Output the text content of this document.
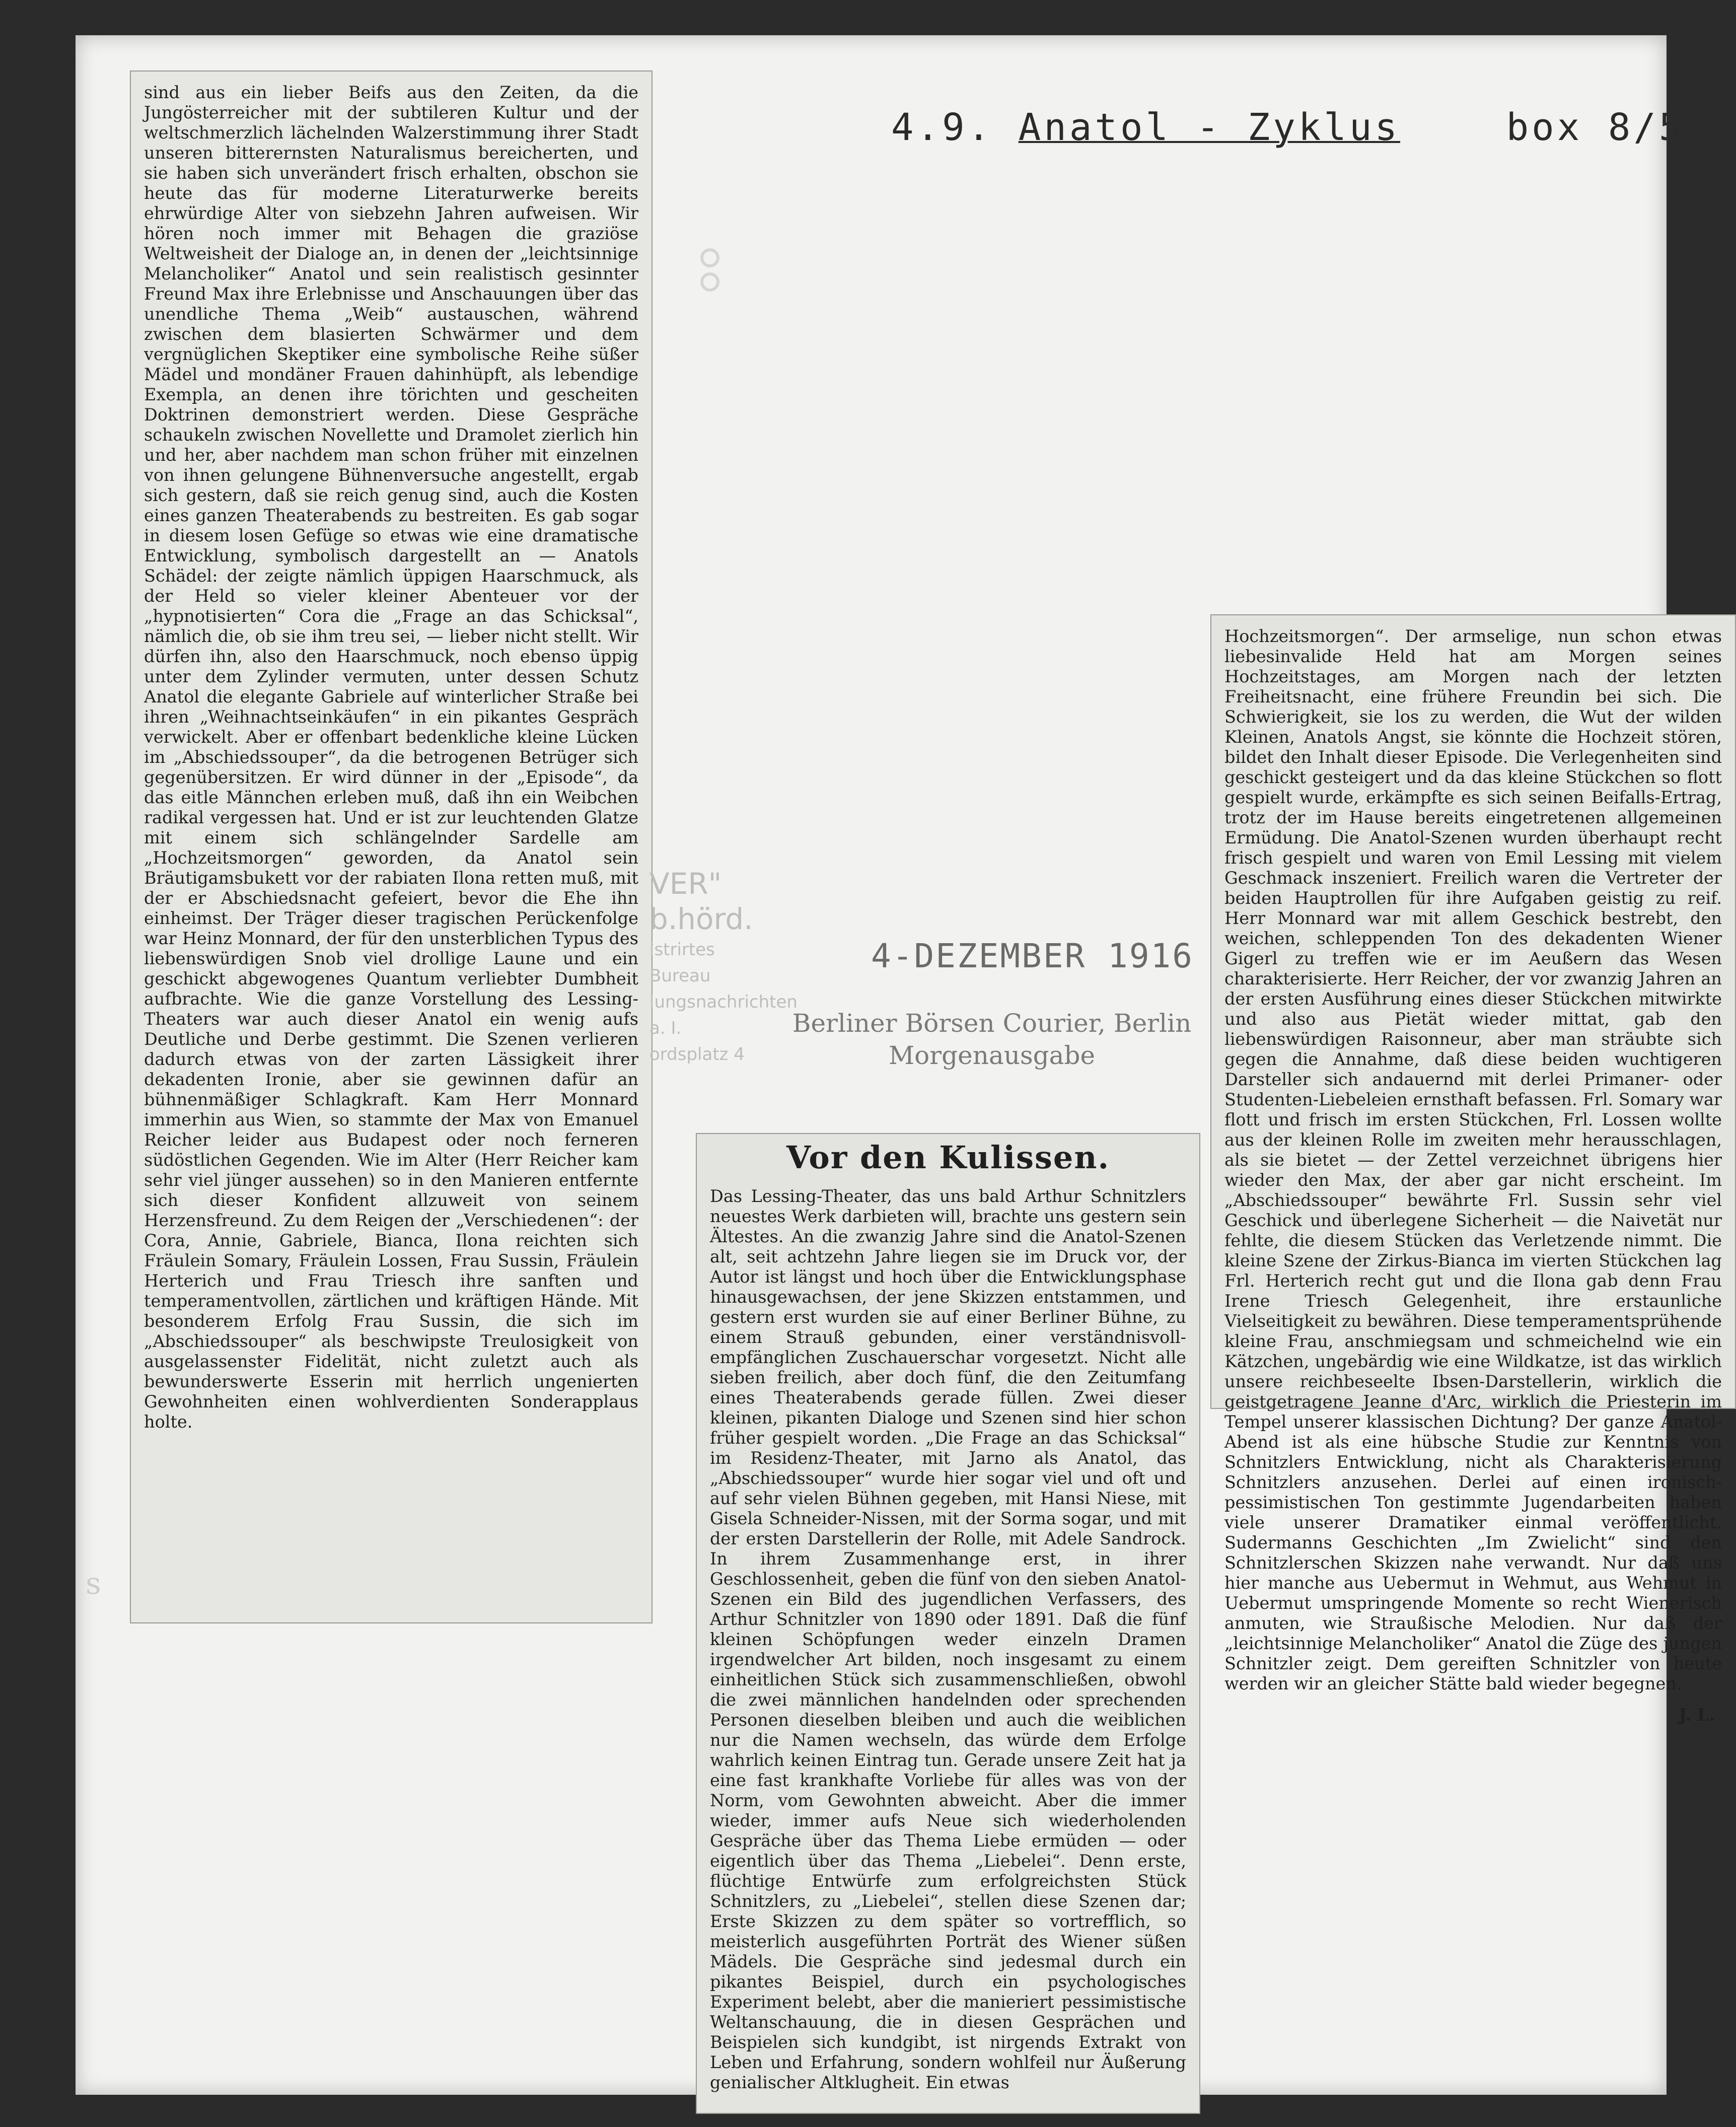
s
4.9. Anatol - Zyklus	box 8/5
sind aus ein lieber Beifs aus den Zeiten, da die Jungösterreicher mit der subtileren Kultur und der weltschmerzlich lächelnden Walzerstimmung ihrer Stadt unseren bitterernsten Naturalismus bereicherten, und sie haben sich unverändert frisch erhalten, obschon sie heute das für moderne Literaturwerke bereits ehrwürdige Alter von siebzehn Jahren aufweisen. Wir hören noch immer mit Behagen die graziöse Weltweisheit der Dialoge an, in denen der „leichtsinnige Melancholiker“ Anatol und sein realistisch gesinnter Freund Max ihre Erlebnisse und Anschauungen über das unendliche Thema „Weib“ austauschen, während zwischen dem blasierten Schwärmer und dem vergnüglichen Skeptiker eine symbolische Reihe süßer Mädel und mondäner Frauen dahinhüpft, als lebendige Exempla, an denen ihre törichten und gescheiten Doktrinen demonstriert werden. Diese Gespräche schaukeln zwischen Novellette und Dramolet zierlich hin und her, aber nachdem man schon früher mit einzelnen von ihnen gelungene Bühnenversuche angestellt, ergab sich gestern, daß sie reich genug sind, auch die Kosten eines ganzen Theaterabends zu bestreiten. Es gab sogar in diesem losen Gefüge so etwas wie eine dramatische Entwicklung, symbolisch dargestellt an — Anatols Schädel: der zeigte nämlich üppigen Haarschmuck, als der Held so vieler kleiner Abenteuer vor der „hypnotisierten“ Cora die „Frage an das Schicksal“, nämlich die, ob sie ihm treu sei, — lieber nicht stellt. Wir dürfen ihn, also den Haarschmuck, noch ebenso üppig unter dem Zylinder vermuten, unter dessen Schutz Anatol die elegante Gabriele auf winterlicher Straße bei ihren „Weihnachtseinkäufen“ in ein pikantes Gespräch verwickelt. Aber er offenbart bedenkliche kleine Lücken im „Abschiedssouper“, da die betrogenen Betrüger sich gegenübersitzen. Er wird dünner in der „Episode“, da das eitle Männchen erleben muß, daß ihn ein Weibchen radikal vergessen hat. Und er ist zur leuchtenden Glatze mit einem sich schlängelnder Sardelle am „Hochzeitsmorgen“ geworden, da Anatol sein Bräutigamsbukett vor der rabiaten Ilona retten muß, mit der er Abschiedsnacht gefeiert, bevor die Ehe ihn einheimst. Der Träger dieser tragischen Perückenfolge war Heinz Monnard, der für den unsterblichen Typus des liebenswürdigen Snob viel drollige Laune und ein geschickt abgewogenes Quantum verliebter Dumbheit aufbrachte. Wie die ganze Vorstellung des Lessing-Theaters war auch dieser Anatol ein wenig aufs Deutliche und Derbe gestimmt. Die Szenen verlieren dadurch etwas von der zarten Lässigkeit ihrer dekadenten Ironie, aber sie gewinnen dafür an bühnenmäßiger Schlagkraft. Kam Herr Monnard immerhin aus Wien, so stammte der Max von Emanuel Reicher leider aus Budapest oder noch ferneren südöstlichen Gegenden. Wie im Alter (Herr Reicher kam sehr viel jünger aussehen) so in den Manieren entfernte sich dieser Konfident allzuweit von seinem Herzensfreund. Zu dem Reigen der „Verschiedenen“: der Cora, Annie, Gabriele, Bianca, Ilona reichten sich Fräulein Somary, Fräulein Lossen, Frau Sussin, Fräulein Herterich und Frau Triesch ihre sanften und temperamentvollen, zärtlichen und kräftigen Hände. Mit besonderem Erfolg Frau Sussin, die sich im „Abschiedssouper“ als beschwipste Treulosigkeit von ausgelassenster Fidelität, nicht zuletzt auch als bewunderswerte Esserin mit herrlich ungenierten Gewohnheiten einen wohlverdienten Sonderapplaus holte.
VER"
b.hörd.
istrirtes
Bureau
lungsnachrichten
a. I.
ordsplatz 4
4-DEZEMBER 1916
Berliner Börsen Courier, Berlin
Morgenausgabe
Vor den Kulissen.
Das Lessing-Theater, das uns bald Arthur Schnitzlers neuestes Werk darbieten will, brachte uns gestern sein Ältestes. An die zwanzig Jahre sind die Anatol-Szenen alt, seit achtzehn Jahre liegen sie im Druck vor, der Autor ist längst und hoch über die Entwicklungsphase hinausgewachsen, der jene Skizzen entstammen, und gestern erst wurden sie auf einer Berliner Bühne, zu einem Strauß gebunden, einer verständnisvoll-empfänglichen Zuschauerschar vorgesetzt. Nicht alle sieben freilich, aber doch fünf, die den Zeitumfang eines Theaterabends gerade füllen. Zwei dieser kleinen, pikanten Dialoge und Szenen sind hier schon früher gespielt worden. „Die Frage an das Schicksal“ im Residenz-Theater, mit Jarno als Anatol, das „Abschiedssouper“ wurde hier sogar viel und oft und auf sehr vielen Bühnen gegeben, mit Hansi Niese, mit Gisela Schneider-Nissen, mit der Sorma sogar, und mit der ersten Darstellerin der Rolle, mit Adele Sandrock. In ihrem Zusammenhange erst, in ihrer Geschlossenheit, geben die fünf von den sieben Anatol-Szenen ein Bild des jugendlichen Verfassers, des Arthur Schnitzler von 1890 oder 1891. Daß die fünf kleinen Schöpfungen weder einzeln Dramen irgendwelcher Art bilden, noch insgesamt zu einem einheitlichen Stück sich zusammenschließen, obwohl die zwei männlichen handelnden oder sprechenden Personen dieselben bleiben und auch die weiblichen nur die Namen wechseln, das würde dem Erfolge wahrlich keinen Eintrag tun. Gerade unsere Zeit hat ja eine fast krankhafte Vorliebe für alles was von der Norm, vom Gewohnten abweicht. Aber die immer wieder, immer aufs Neue sich wiederholenden Gespräche über das Thema Liebe ermüden — oder eigentlich über das Thema „Liebelei“. Denn erste, flüchtige Entwürfe zum erfolgreichsten Stück Schnitzlers, zu „Liebelei“, stellen diese Szenen dar; Erste Skizzen zu dem später so vortrefflich, so meisterlich ausgeführten Porträt des Wiener süßen Mädels. Die Gespräche sind jedesmal durch ein pikantes Beispiel, durch ein psychologisches Experiment belebt, aber die manieriert pessimistische Weltanschauung, die in diesen Gesprächen und Beispielen sich kundgibt, ist nirgends Extrakt von Leben und Erfahrung, sondern wohlfeil nur Äußerung genialischer Altklugheit. Ein etwas
Hochzeitsmorgen“. Der armselige, nun schon etwas liebesinvalide Held hat am Morgen seines Hochzeitstages, am Morgen nach der letzten Freiheitsnacht, eine frühere Freundin bei sich. Die Schwierigkeit, sie los zu werden, die Wut der wilden Kleinen, Anatols Angst, sie könnte die Hochzeit stören, bildet den Inhalt dieser Episode. Die Verlegenheiten sind geschickt gesteigert und da das kleine Stückchen so flott gespielt wurde, erkämpfte es sich seinen Beifalls-Ertrag, trotz der im Hause bereits eingetretenen allgemeinen Ermüdung. Die Anatol-Szenen wurden überhaupt recht frisch gespielt und waren von Emil Lessing mit vielem Geschmack inszeniert. Freilich waren die Vertreter der beiden Hauptrollen für ihre Aufgaben geistig zu reif. Herr Monnard war mit allem Geschick bestrebt, den weichen, schleppenden Ton des dekadenten Wiener Gigerl zu treffen wie er im Aeußern das Wesen charakterisierte. Herr Reicher, der vor zwanzig Jahren an der ersten Ausführung eines dieser Stückchen mitwirkte und also aus Pietät wieder mittat, gab den liebenswürdigen Raisonneur, aber man sträubte sich gegen die Annahme, daß diese beiden wuchtigeren Darsteller sich andauernd mit derlei Primaner- oder Studenten-Liebeleien ernsthaft befassen. Frl. Somary war flott und frisch im ersten Stückchen, Frl. Lossen wollte aus der kleinen Rolle im zweiten mehr herausschlagen, als sie bietet — der Zettel verzeichnet übrigens hier wieder den Max, der aber gar nicht erscheint. Im „Abschiedssouper“ bewährte Frl. Sussin sehr viel Geschick und überlegene Sicherheit — die Naivetät nur fehlte, die diesem Stücken das Verletzende nimmt. Die kleine Szene der Zirkus-Bianca im vierten Stückchen lag Frl. Herterich recht gut und die Ilona gab denn Frau Irene Triesch Gelegenheit, ihre erstaunliche Vielseitigkeit zu bewähren. Diese temperamentsprühende kleine Frau, anschmiegsam und schmeichelnd wie ein Kätzchen, ungebärdig wie eine Wildkatze, ist das wirklich unsere reichbeseelte Ibsen-Darstellerin, wirklich die geistgetragene Jeanne d'Arc, wirklich die Priesterin im Tempel unserer klassischen Dichtung? Der ganze Anatol-Abend ist als eine hübsche Studie zur Kenntnis von Schnitzlers Entwicklung, nicht als Charakterisierung Schnitzlers anzusehen. Derlei auf einen ironisch-pessimistischen Ton gestimmte Jugendarbeiten haben viele unserer Dramatiker einmal veröffentlicht. Sudermanns Geschichten „Im Zwielicht“ sind den Schnitzlerschen Skizzen nahe verwandt. Nur daß uns hier manche aus Uebermut in Wehmut, aus Wehmut in Uebermut umspringende Momente so recht Wienerisch anmuten, wie Straußische Melodien. Nur daß der „leichtsinnige Melancholiker“ Anatol die Züge des jungen Schnitzler zeigt. Dem gereiften Schnitzler von heute werden wir an gleicher Stätte bald wieder begegnen.
J. L.
